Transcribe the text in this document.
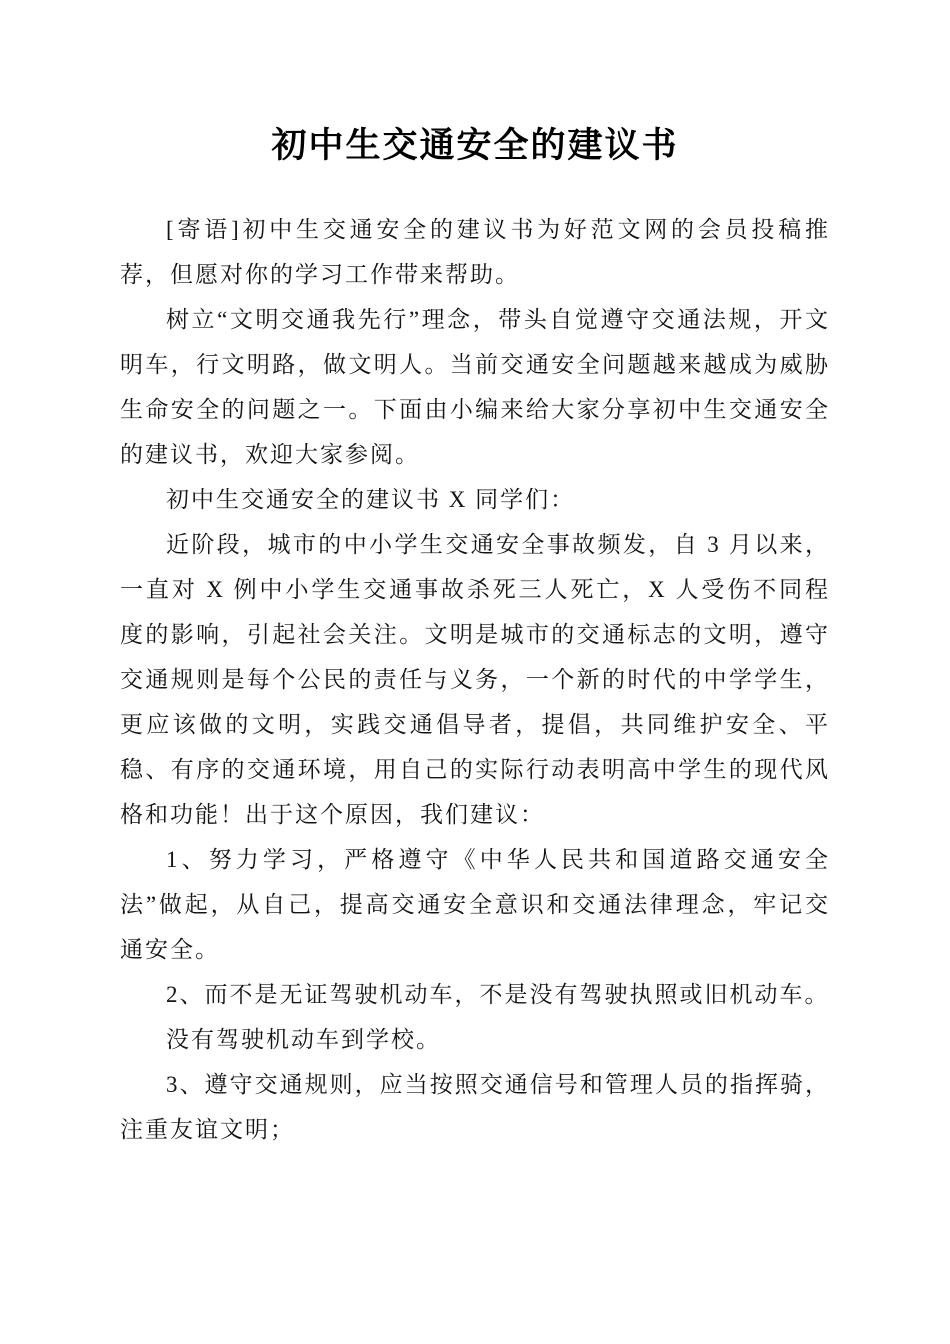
初中生交通安全的建议书

[寄语]初中生交通安全的建议书为好范文网的会员投稿推荐，但愿对你的学习工作带来帮助。

树立“文明交通我先行”理念，带头自觉遵守交通法规，开文明车，行文明路，做文明人。当前交通安全问题越来越成为威胁生命安全的问题之一。下面由小编来给大家分享初中生交通安全的建议书，欢迎大家参阅。

初中生交通安全的建议书 X 同学们：

近阶段，城市的中小学生交通安全事故频发，自 3 月以来，一直对 X 例中小学生交通事故杀死三人死亡，X 人受伤不同程度的影响，引起社会关注。文明是城市的交通标志的文明，遵守交通规则是每个公民的责任与义务，一个新的时代的中学学生，更应该做的文明，实践交通倡导者，提倡，共同维护安全、平稳、有序的交通环境，用自己的实际行动表明高中学生的现代风格和功能！出于这个原因，我们建议：

1、努力学习，严格遵守《中华人民共和国道路交通安全法”做起，从自己，提高交通安全意识和交通法律理念，牢记交通安全。

2、而不是无证驾驶机动车，不是没有驾驶执照或旧机动车。

没有驾驶机动车到学校。

3、遵守交通规则，应当按照交通信号和管理人员的指挥骑，注重友谊文明；
